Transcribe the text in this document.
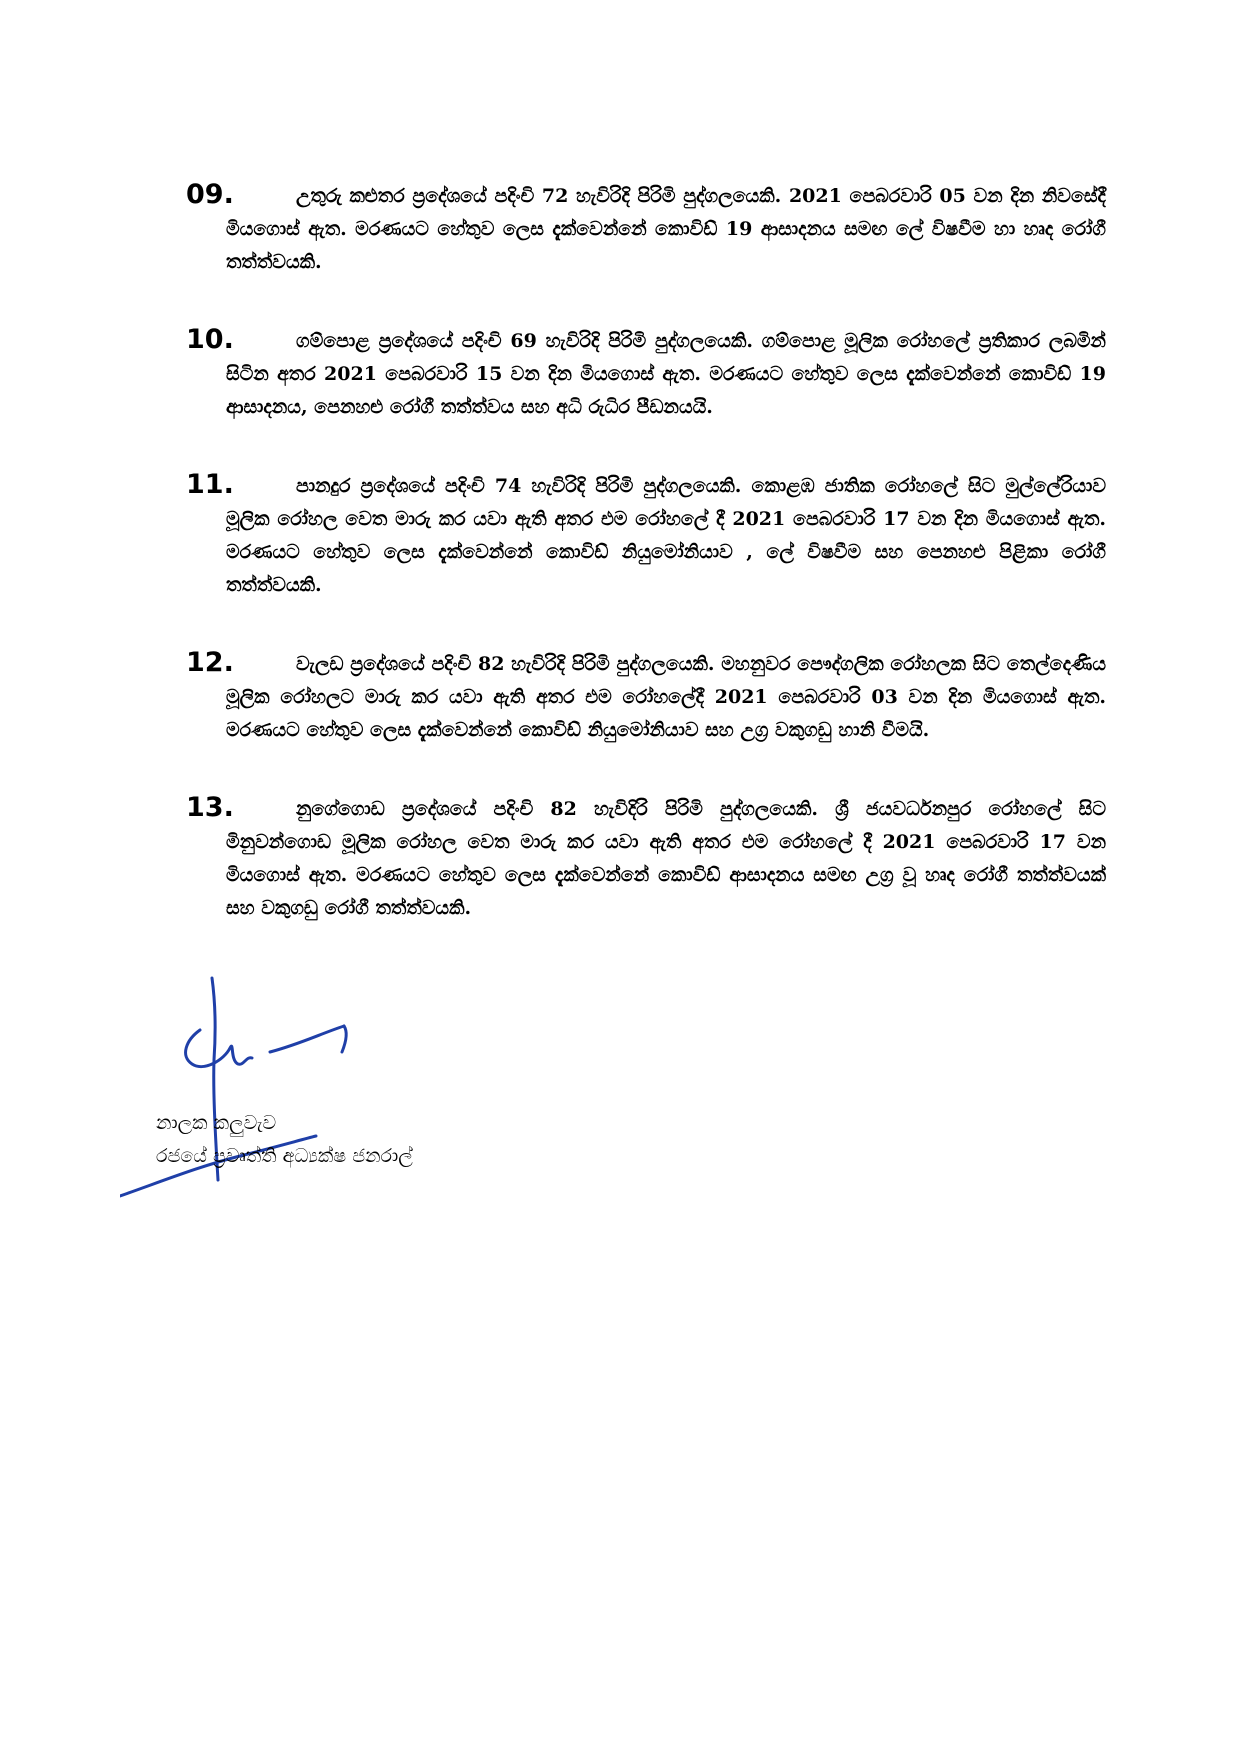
09.	උතුරු කළුතර ප්‍රදේශයේ පදිංචි 72 හැවිරිදි පිරිමි පුද්ගලයෙකි. 2021 පෙබරවාරි 05 වන දින නිවසේදී මියගොස් ඇත. මරණයට හේතුව ලෙස දැක්වෙන්නේ කොවිඩ් 19 ආසාදනය සමඟ ලේ විෂවීම හා හෘද රෝගී තත්ත්වයකි.
10.	ගම්පොළ ප්‍රදේශයේ පදිංචි 69 හැවිරිදි පිරිමි පුද්ගලයෙකි. ගම්පොළ මූලික රෝහලේ ප්‍රතිකාර ලබමින් සිටින අතර 2021 පෙබරවාරි 15 වන දින මියගොස් ඇත. මරණයට හේතුව ලෙස දැක්වෙන්නේ කොවිඩ් 19 ආසාදනය, පෙනහළු රෝගී තත්ත්වය සහ අධි රුධිර පීඩනයයි.
11.	පානදුර ප්‍රදේශයේ පදිංචි 74 හැවිරිදි පිරිමි පුද්ගලයෙකි. කොළඹ ජාතික රෝහලේ සිට මුල්ලේරියාව මූලික රෝහල වෙත මාරු කර යවා ඇති අතර එම රෝහලේ දී 2021 පෙබරවාරි 17 වන දින මියගොස් ඇත. මරණයට හේතුව ලෙස දැක්වෙන්නේ කොවිඩ් නියුමෝනියාව , ලේ විෂවීම සහ පෙනහළු පිළිකා රෝගී තත්ත්වයකි.
12.	වැලඩ ප්‍රදේශයේ පදිංචි 82 හැවිරිදි පිරිමි පුද්ගලයෙකි. මහනුවර පෞද්ගලික රෝහලක සිට තෙල්දෙණිය මූලික රෝහලට මාරු කර යවා ඇති අතර එම රෝහලේදී 2021 පෙබරවාරි 03 වන දින මියගොස් ඇත. මරණයට හේතුව ලෙස දැක්වෙන්නේ කොවිඩ් නියුමෝනියාව සහ උග්‍ර වකුගඩු හානි වීමයි.
13.	නුගේගොඩ ප්‍රදේශයේ පදිංචි 82 හැවිදිරි පිරිමි පුද්ගලයෙකි. ශ්‍රී ජයවර්ධනපුර රෝහලේ සිට මිනුවන්ගොඩ මූලික රෝහල වෙත මාරු කර යවා ඇති අතර එම රෝහලේ දී 2021 පෙබරවාරි 17 වන මියගොස් ඇත. මරණයට හේතුව ලෙස දැක්වෙන්නේ කොවිඩ් ආසාදනය සමඟ උග්‍ර වූ හෘද රෝගී තත්ත්වයක් සහ වකුගඩු රෝගී තත්ත්වයකි.
නාලක කලුවැව
රජයේ ප්‍රවෘත්ති අධ්‍යක්ෂ ජනරාල්
